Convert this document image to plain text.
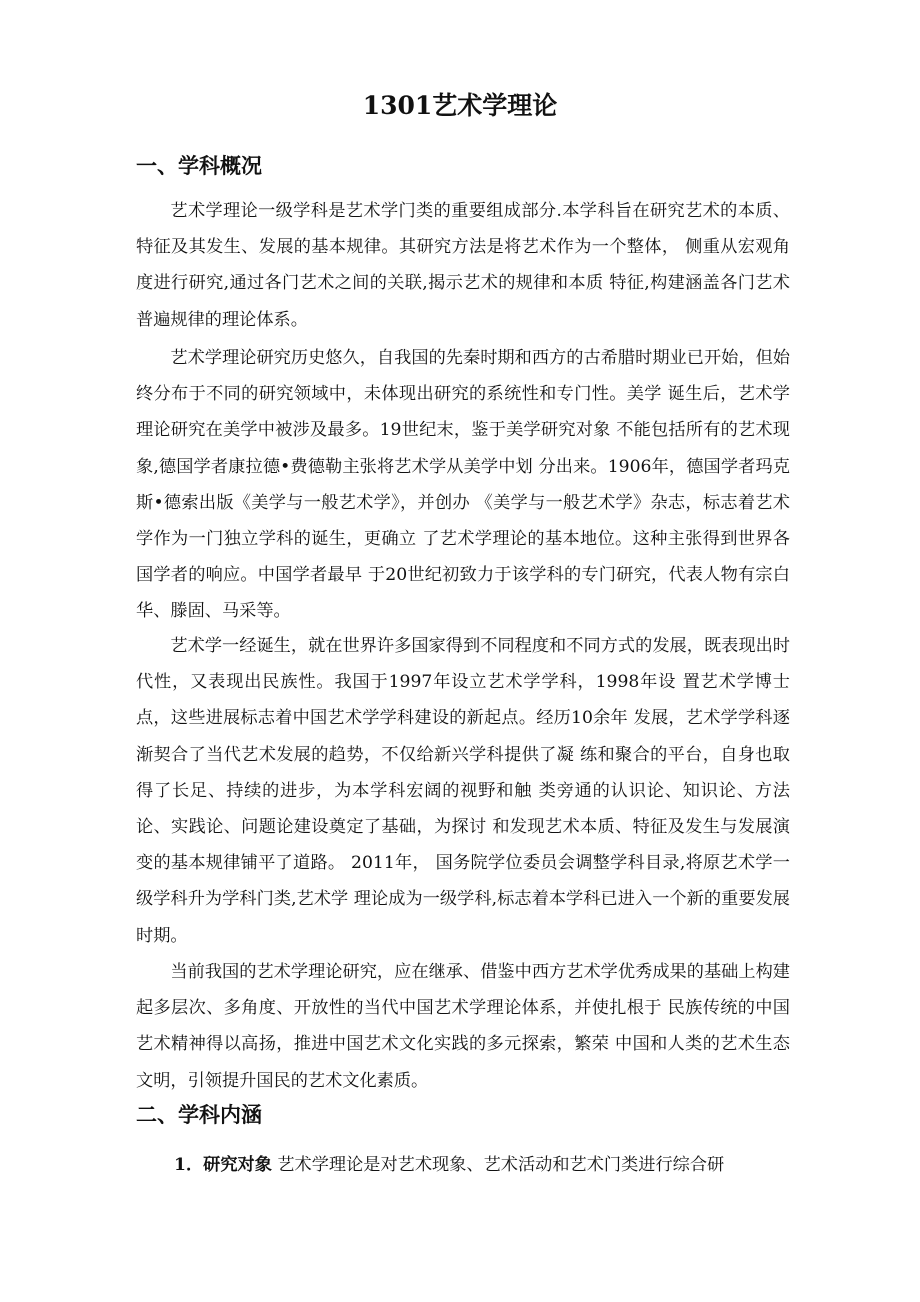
1301艺术学理论
一、学科概况

艺术学理论一级学科是艺术学门类的重要组成部分.本学科旨在研究艺术的本质、特征及其发生、发展的基本规律。其研究方法是将艺术作为一个整体， 侧重从宏观角度进行研究,通过各门艺术之间的关联,揭示艺术的规律和本质 特征,构建涵盖各门艺术普遍规律的理论体系。

艺术学理论研究历史悠久，自我国的先秦时期和西方的古希腊时期业已开始，但始终分布于不同的研究领域中，未体现出研究的系统性和专门性。美学 诞生后，艺术学理论研究在美学中被涉及最多。19世纪末，鉴于美学研究对象 不能包括所有的艺术现象,德国学者康拉德•费德勒主张将艺术学从美学中划 分出来。1906年，德国学者玛克斯•德索出版《美学与一般艺术学》，并创办 《美学与一般艺术学》杂志，标志着艺术学作为一门独立学科的诞生，更确立 了艺术学理论的基本地位。这种主张得到世界各国学者的响应。中国学者最早 于20世纪初致力于该学科的专门研究，代表人物有宗白华、滕固、马采等。

艺术学一经诞生，就在世界许多国家得到不同程度和不同方式的发展，既表现出时代性，又表现出民族性。我国于1997年设立艺术学学科，1998年设 置艺术学博士点，这些进展标志着中国艺术学学科建设的新起点。经历10余年 发展，艺术学学科逐渐契合了当代艺术发展的趋势，不仅给新兴学科提供了凝 练和聚合的平台，自身也取得了长足、持续的进步，为本学科宏阔的视野和触 类旁通的认识论、知识论、方法论、实践论、问题论建设奠定了基础，为探讨 和发现艺术本质、特征及发生与发展演变的基本规律铺平了道路。 2011年， 国务院学位委员会调整学科目录,将原艺术学一级学科升为学科门类,艺术学 理论成为一级学科,标志着本学科已进入一个新的重要发展时期。

当前我国的艺术学理论研究，应在继承、借鉴中西方艺术学优秀成果的基础上构建起多层次、多角度、开放性的当代中国艺术学理论体系，并使扎根于 民族传统的中国艺术精神得以高扬，推进中国艺术文化实践的多元探索，繁荣 中国和人类的艺术生态文明，引领提升国民的艺术文化素质。

二、学科内涵

1．研究对象 艺术学理论是对艺术现象、艺术活动和艺术门类进行综合研
